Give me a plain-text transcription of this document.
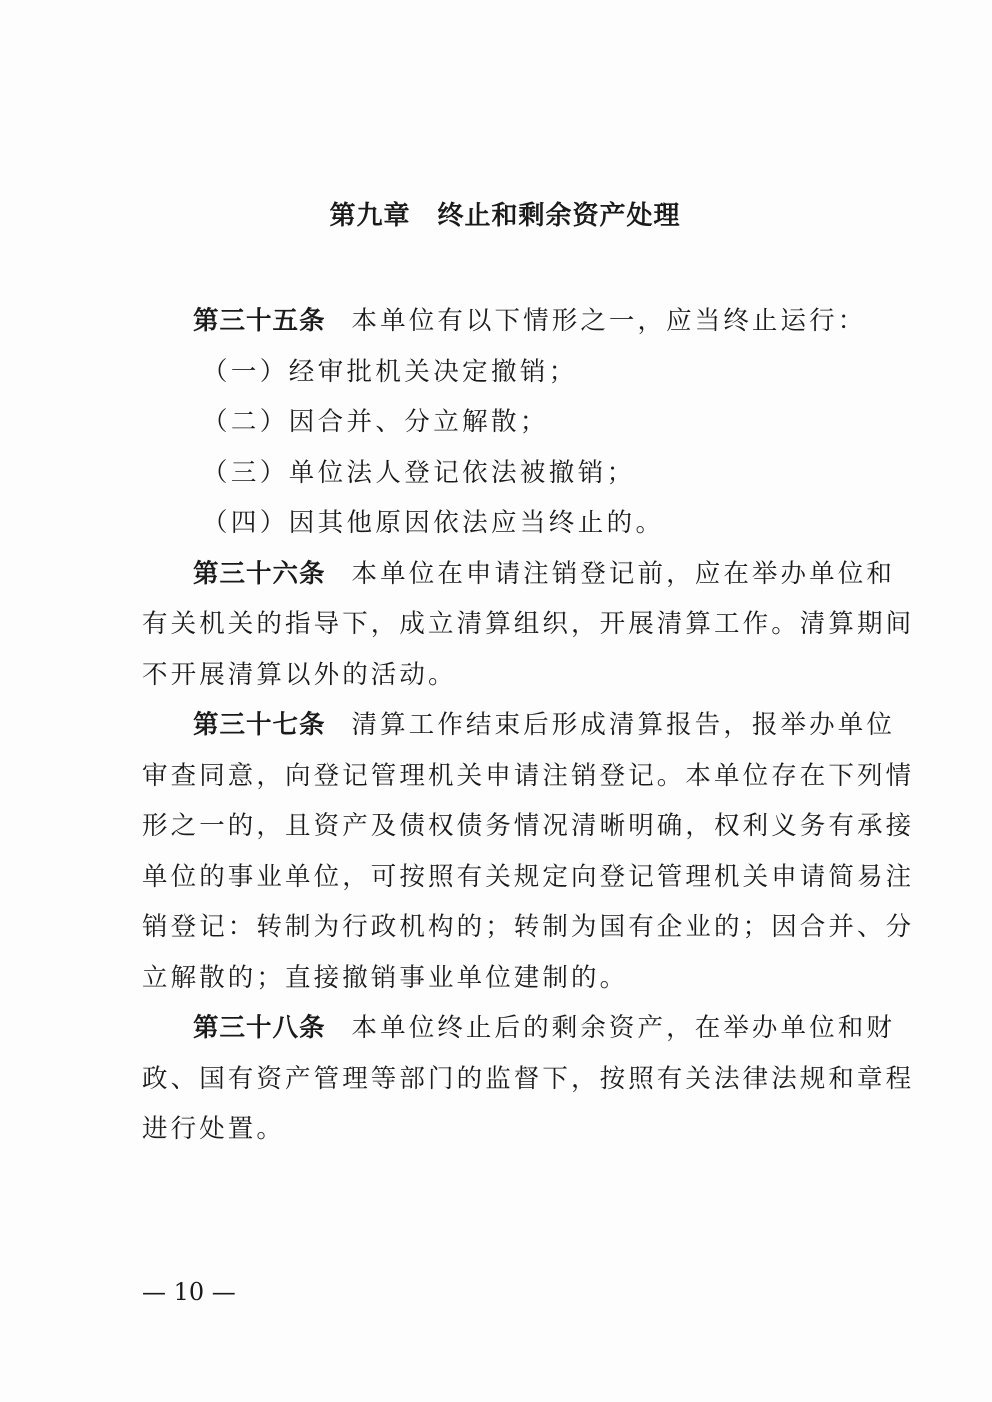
第九章　终止和剩余资产处理
第三十五条 本单位有以下情形之一，应当终止运行：
（一）经审批机关决定撤销；
（二）因合并、分立解散；
（三）单位法人登记依法被撤销；
（四）因其他原因依法应当终止的。
第三十六条 本单位在申请注销登记前，应在举办单位和
有关机关的指导下，成立清算组织，开展清算工作。清算期间
不开展清算以外的活动。
第三十七条 清算工作结束后形成清算报告，报举办单位
审查同意，向登记管理机关申请注销登记。本单位存在下列情
形之一的，且资产及债权债务情况清晰明确，权利义务有承接
单位的事业单位，可按照有关规定向登记管理机关申请简易注
销登记：转制为行政机构的；转制为国有企业的；因合并、分
立解散的；直接撤销事业单位建制的。
第三十八条 本单位终止后的剩余资产，在举办单位和财
政、国有资产管理等部门的监督下，按照有关法律法规和章程
进行处置。
— 10 —
